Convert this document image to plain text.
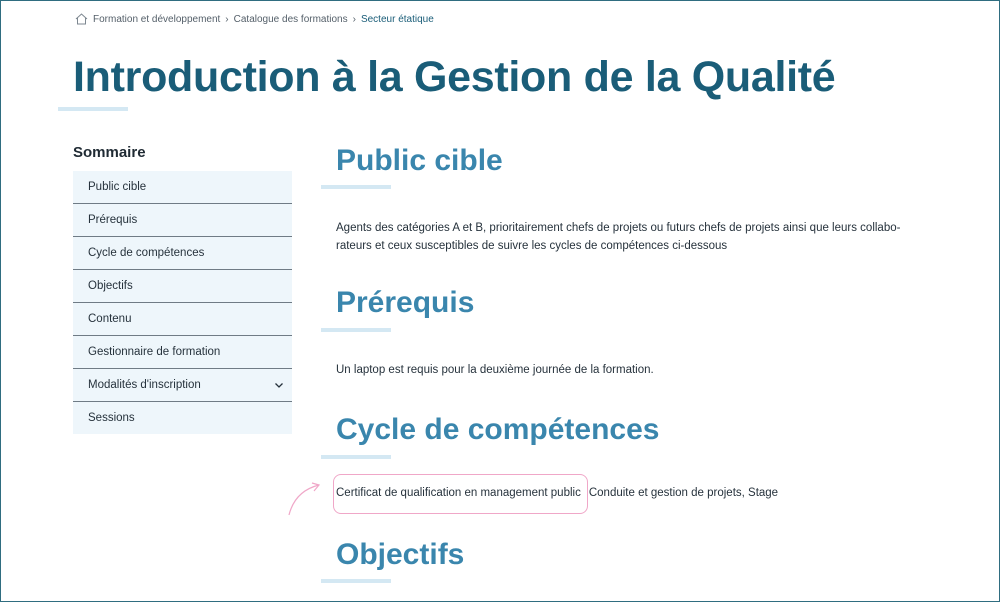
Formation et développement › Catalogue des formations › Secteur étatique
Introduction à la Gestion de la Qualité
Sommaire
Public cible
Prérequis
Cycle de compétences
Objectifs
Contenu
Gestionnaire de formation
Modalités d'inscription
Sessions
Public cible

Agents des catégories A et B, prioritairement chefs de projets ou futurs chefs de projets ainsi que leurs collabo-rateurs et ceux susceptibles de suivre les cycles de compétences ci-dessous

Prérequis

Un laptop est requis pour la deuxième journée de la formation.

Cycle de compétences
Certificat de qualification en management public Conduite et gestion de projets, Stage
Objectifs
